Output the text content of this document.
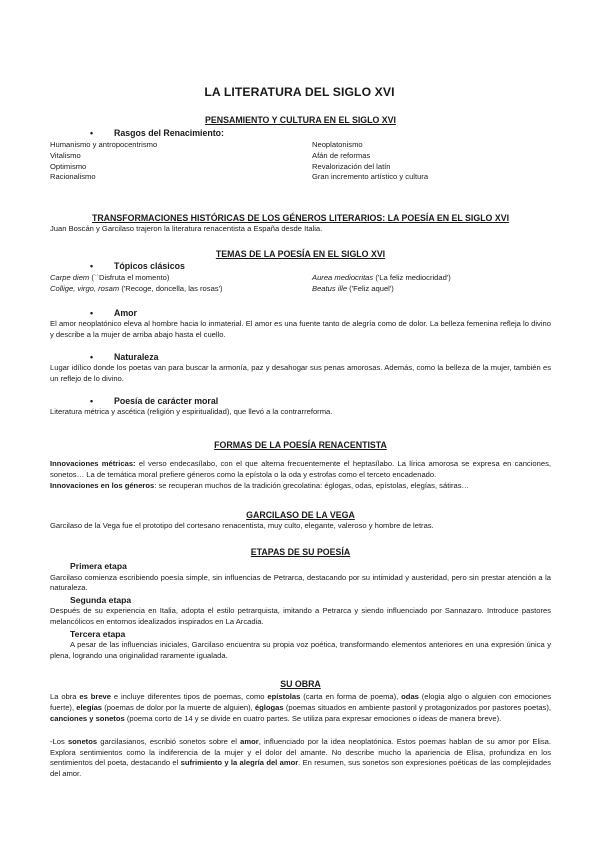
LA LITERATURA DEL SIGLO XVI
PENSAMIENTO Y CULTURA EN EL SIGLO XVI
• Rasgos del Renacimiento:
Humanismo y antropocentrismo
Vitalismo
Optimismo
Racionalismo
Neoplatonismo
Afán de reformas
Revalorización del latín
Gran incremento artístico y cultura
TRANSFORMACIONES HISTÓRICAS DE LOS GÉNEROS LITERARIOS: LA POESÍA EN EL SIGLO XVI
Juan Boscán y Garcilaso trajeron la literatura renacentista a España desde Italia.
TEMAS DE LA POESÍA EN EL SIGLO XVI
• Tópicos clásicos
Carpe diem (``Disfruta el momento)
Collige, virgo, rosam ('Recoge, doncella, las rosas')
Aurea mediocritas ('La feliz mediocridad')
Beatus ille ('Feliz aquel')
• Amor
El amor neoplatónico eleva al hombre hacia lo inmaterial. El amor es una fuente tanto de alegría como de dolor. La belleza femenina refleja lo divino y describe a la mujer de arriba abajo hasta el cuello.
• Naturaleza
Lugar idílico donde los poetas van para buscar la armonía, paz y desahogar sus penas amorosas. Además, como la belleza de la mujer, también es un reflejo de lo divino.
• Poesía de carácter moral
Literatura métrica y ascética (religión y espiritualidad), que llevó a la contrarreforma.
FORMAS DE LA POESÍA RENACENTISTA
Innovaciones métricas: el verso endecasílabo, con el que alterna frecuentemente el heptasílabo. La lírica amorosa se expresa en canciones, sonetos… La de temática moral prefiere géneros como la epístola o la oda y estrofas como el terceto encadenado.
Innovaciones en los géneros: se recuperan muchos de la tradición grecolatina: églogas, odas, epístolas, elegías, sátiras…
GARCILASO DE LA VEGA
Garcilaso de la Vega fue el prototipo del cortesano renacentista, muy culto, elegante, valeroso y hombre de letras.
ETAPAS DE SU POESÍA
Primera etapa
Garcilaso comienza escribiendo poesía simple, sin influencias de Petrarca, destacando por su intimidad y austeridad, pero sin prestar atención a la naturaleza.
Segunda etapa
Después de su experiencia en Italia, adopta el estilo petrarquista, imitando a Petrarca y siendo influenciado por Sannazaro. Introduce pastores melancólicos en entornos idealizados inspirados en La Arcadia.
Tercera etapa
A pesar de las influencias iniciales, Garcilaso encuentra su propia voz poética, transformando elementos anteriores en una expresión única y plena, logrando una originalidad raramente igualada.
SU OBRA
La obra es breve e incluye diferentes tipos de poemas, como epístolas (carta en forma de poema), odas (elogia algo o alguien con emociones fuerte), elegías (poemas de dolor por la muerte de alguien), églogas (poemas situados en ambiente pastoril y protagonizados por pastores poetas), canciones y sonetos (poema corto de 14 y se divide en cuatro partes. Se utiliza para expresar emociones o ideas de manera breve).
-Los sonetos garcilasianos, escribió sonetos sobre el amor, influenciado por la idea neoplatónica. Estos poemas hablan de su amor por Elisa. Explora sentimientos como la indiferencia de la mujer y el dolor del amante. No describe mucho la apariencia de Elisa, profundiza en los sentimientos del poeta, destacando el sufrimiento y la alegría del amor. En resumen, sus sonetos son expresiones poéticas de las complejidades del amor.
